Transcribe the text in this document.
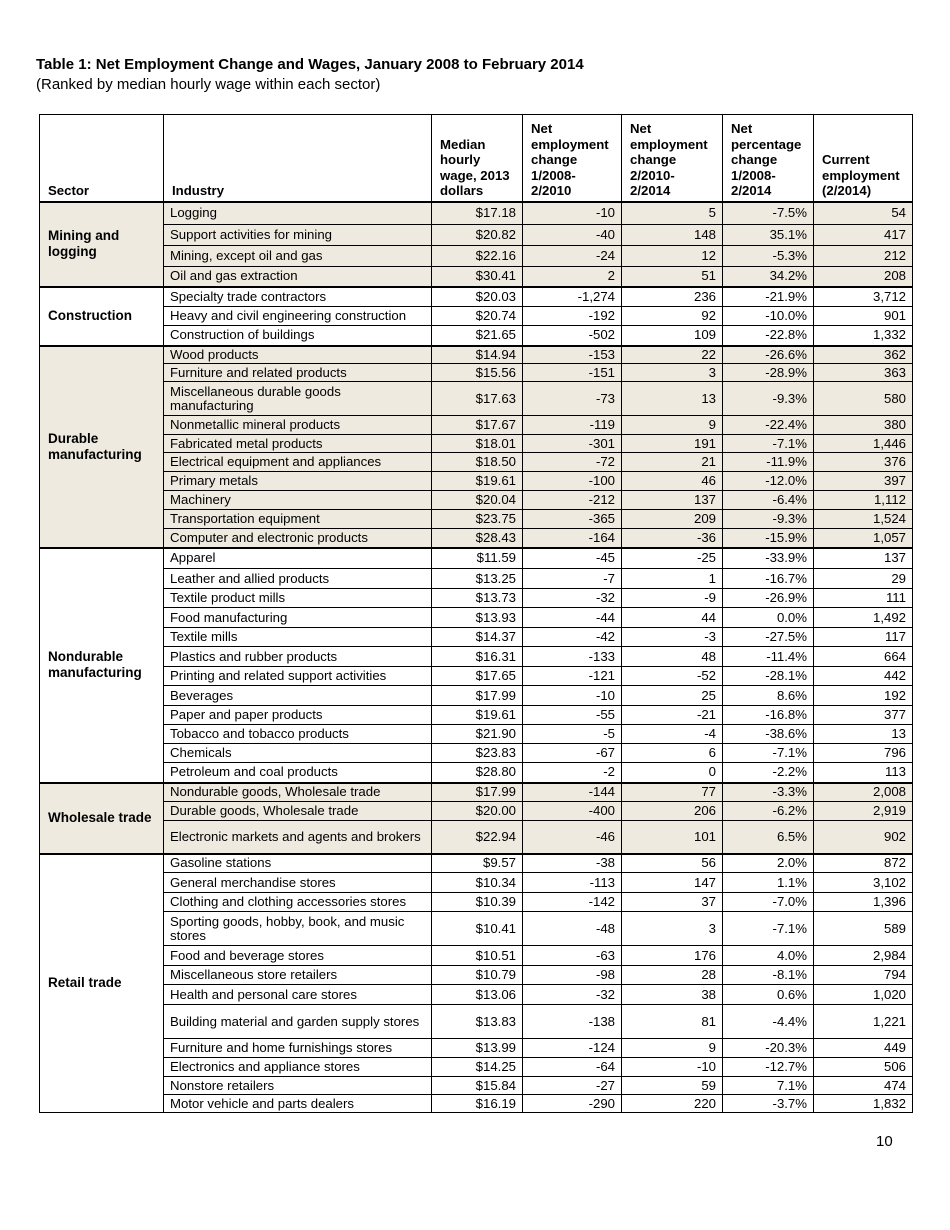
Table 1: Net Employment Change and Wages, January 2008 to February 2014
(Ranked by median hourly wage within each sector)
Sector	Industry	Median hourly wage, 2013 dollars	Net employment change 1/2008-2/2010	Net employment change 2/2010-2/2014	Net percentage change 1/2008-2/2014	Current employment (2/2014)
Mining and logging	Logging	$17.18	-10	5	-7.5%	54
	Support activities for mining	$20.82	-40	148	35.1%	417
	Mining, except oil and gas	$22.16	-24	12	-5.3%	212
	Oil and gas extraction	$30.41	2	51	34.2%	208
Construction	Specialty trade contractors	$20.03	-1,274	236	-21.9%	3,712
	Heavy and civil engineering construction	$20.74	-192	92	-10.0%	901
	Construction of buildings	$21.65	-502	109	-22.8%	1,332
Durable manufacturing	Wood products	$14.94	-153	22	-26.6%	362
	Furniture and related products	$15.56	-151	3	-28.9%	363
	Miscellaneous durable goods manufacturing	$17.63	-73	13	-9.3%	580
	Nonmetallic mineral products	$17.67	-119	9	-22.4%	380
	Fabricated metal products	$18.01	-301	191	-7.1%	1,446
	Electrical equipment and appliances	$18.50	-72	21	-11.9%	376
	Primary metals	$19.61	-100	46	-12.0%	397
	Machinery	$20.04	-212	137	-6.4%	1,112
	Transportation equipment	$23.75	-365	209	-9.3%	1,524
	Computer and electronic products	$28.43	-164	-36	-15.9%	1,057
Nondurable manufacturing	Apparel	$11.59	-45	-25	-33.9%	137
	Leather and allied products	$13.25	-7	1	-16.7%	29
	Textile product mills	$13.73	-32	-9	-26.9%	111
	Food manufacturing	$13.93	-44	44	0.0%	1,492
	Textile mills	$14.37	-42	-3	-27.5%	117
	Plastics and rubber products	$16.31	-133	48	-11.4%	664
	Printing and related support activities	$17.65	-121	-52	-28.1%	442
	Beverages	$17.99	-10	25	8.6%	192
	Paper and paper products	$19.61	-55	-21	-16.8%	377
	Tobacco and tobacco products	$21.90	-5	-4	-38.6%	13
	Chemicals	$23.83	-67	6	-7.1%	796
	Petroleum and coal products	$28.80	-2	0	-2.2%	113
Wholesale trade	Nondurable goods, Wholesale trade	$17.99	-144	77	-3.3%	2,008
	Durable goods, Wholesale trade	$20.00	-400	206	-6.2%	2,919
	Electronic markets and agents and brokers	$22.94	-46	101	6.5%	902
Retail trade	Gasoline stations	$9.57	-38	56	2.0%	872
	General merchandise stores	$10.34	-113	147	1.1%	3,102
	Clothing and clothing accessories stores	$10.39	-142	37	-7.0%	1,396
	Sporting goods, hobby, book, and music stores	$10.41	-48	3	-7.1%	589
	Food and beverage stores	$10.51	-63	176	4.0%	2,984
	Miscellaneous store retailers	$10.79	-98	28	-8.1%	794
	Health and personal care stores	$13.06	-32	38	0.6%	1,020
	Building material and garden supply stores	$13.83	-138	81	-4.4%	1,221
	Furniture and home furnishings stores	$13.99	-124	9	-20.3%	449
	Electronics and appliance stores	$14.25	-64	-10	-12.7%	506
	Nonstore retailers	$15.84	-27	59	7.1%	474
	Motor vehicle and parts dealers	$16.19	-290	220	-3.7%	1,832
10
